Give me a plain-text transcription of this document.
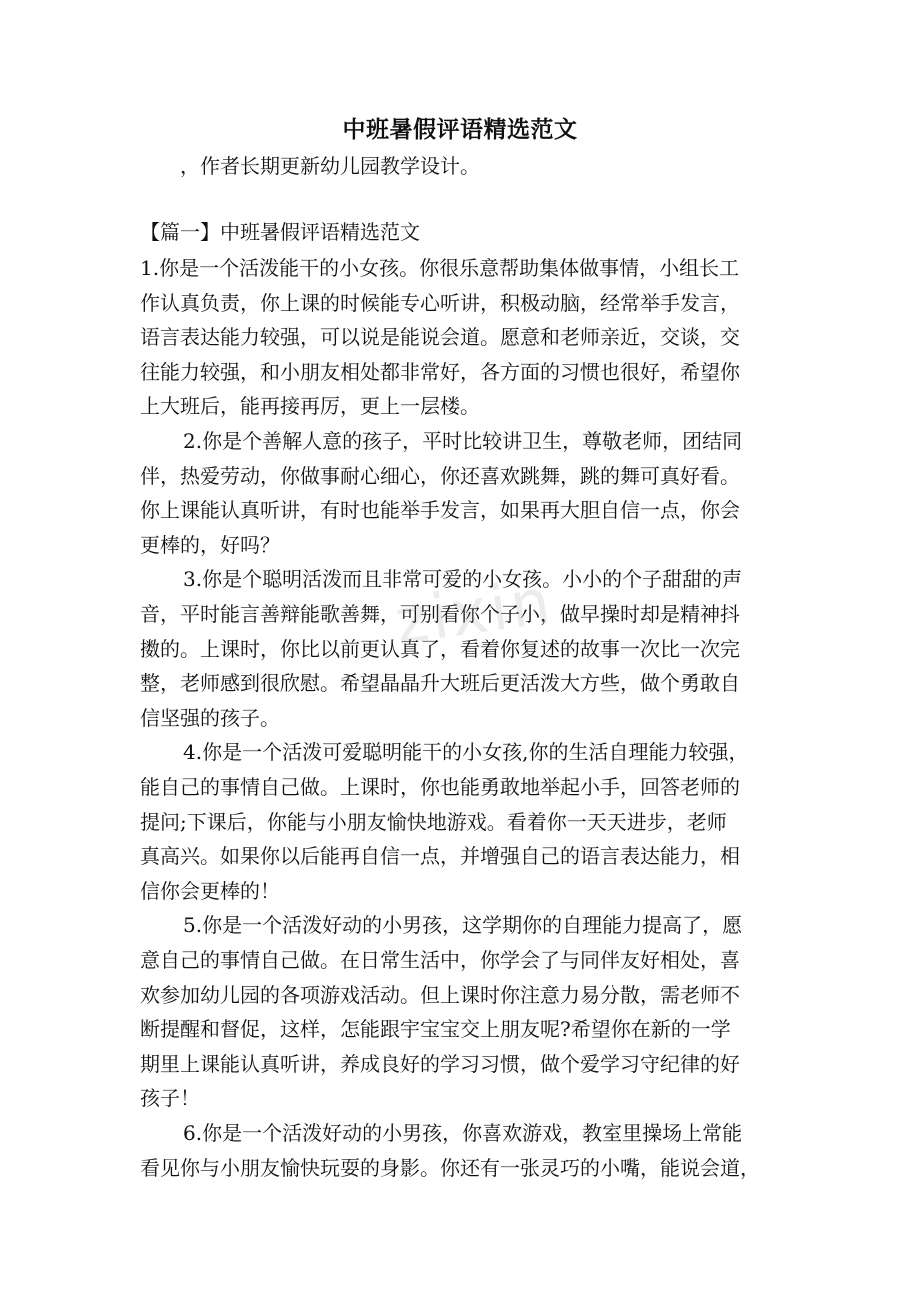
中班暑假评语精选范文
，作者长期更新幼儿园教学设计。
【篇一】中班暑假评语精选范文
1.你是一个活泼能干的小女孩。你很乐意帮助集体做事情，小组长工
作认真负责，你上课的时候能专心听讲，积极动脑，经常举手发言，
语言表达能力较强，可以说是能说会道。愿意和老师亲近，交谈，交
往能力较强，和小朋友相处都非常好，各方面的习惯也很好，希望你
上大班后，能再接再厉，更上一层楼。
2.你是个善解人意的孩子，平时比较讲卫生，尊敬老师，团结同
伴，热爱劳动，你做事耐心细心，你还喜欢跳舞，跳的舞可真好看。
你上课能认真听讲，有时也能举手发言，如果再大胆自信一点，你会
更棒的，好吗？
3.你是个聪明活泼而且非常可爱的小女孩。小小的个子甜甜的声
音，平时能言善辩能歌善舞，可别看你个子小，做早操时却是精神抖
擞的。上课时，你比以前更认真了，看着你复述的故事一次比一次完
整，老师感到很欣慰。希望晶晶升大班后更活泼大方些，做个勇敢自
信坚强的孩子。
4.你是一个活泼可爱聪明能干的小女孩,你的生活自理能力较强，
能自己的事情自己做。上课时，你也能勇敢地举起小手，回答老师的
提问;下课后，你能与小朋友愉快地游戏。看着你一天天进步，老师
真高兴。如果你以后能再自信一点，并增强自己的语言表达能力，相
信你会更棒的！
5.你是一个活泼好动的小男孩，这学期你的自理能力提高了，愿
意自己的事情自己做。在日常生活中，你学会了与同伴友好相处，喜
欢参加幼儿园的各项游戏活动。但上课时你注意力易分散，需老师不
断提醒和督促，这样，怎能跟宇宝宝交上朋友呢?希望你在新的一学
期里上课能认真听讲，养成良好的学习习惯，做个爱学习守纪律的好
孩子！
6.你是一个活泼好动的小男孩，你喜欢游戏，教室里操场上常能
看见你与小朋友愉快玩耍的身影。你还有一张灵巧的小嘴，能说会道，
zixin
